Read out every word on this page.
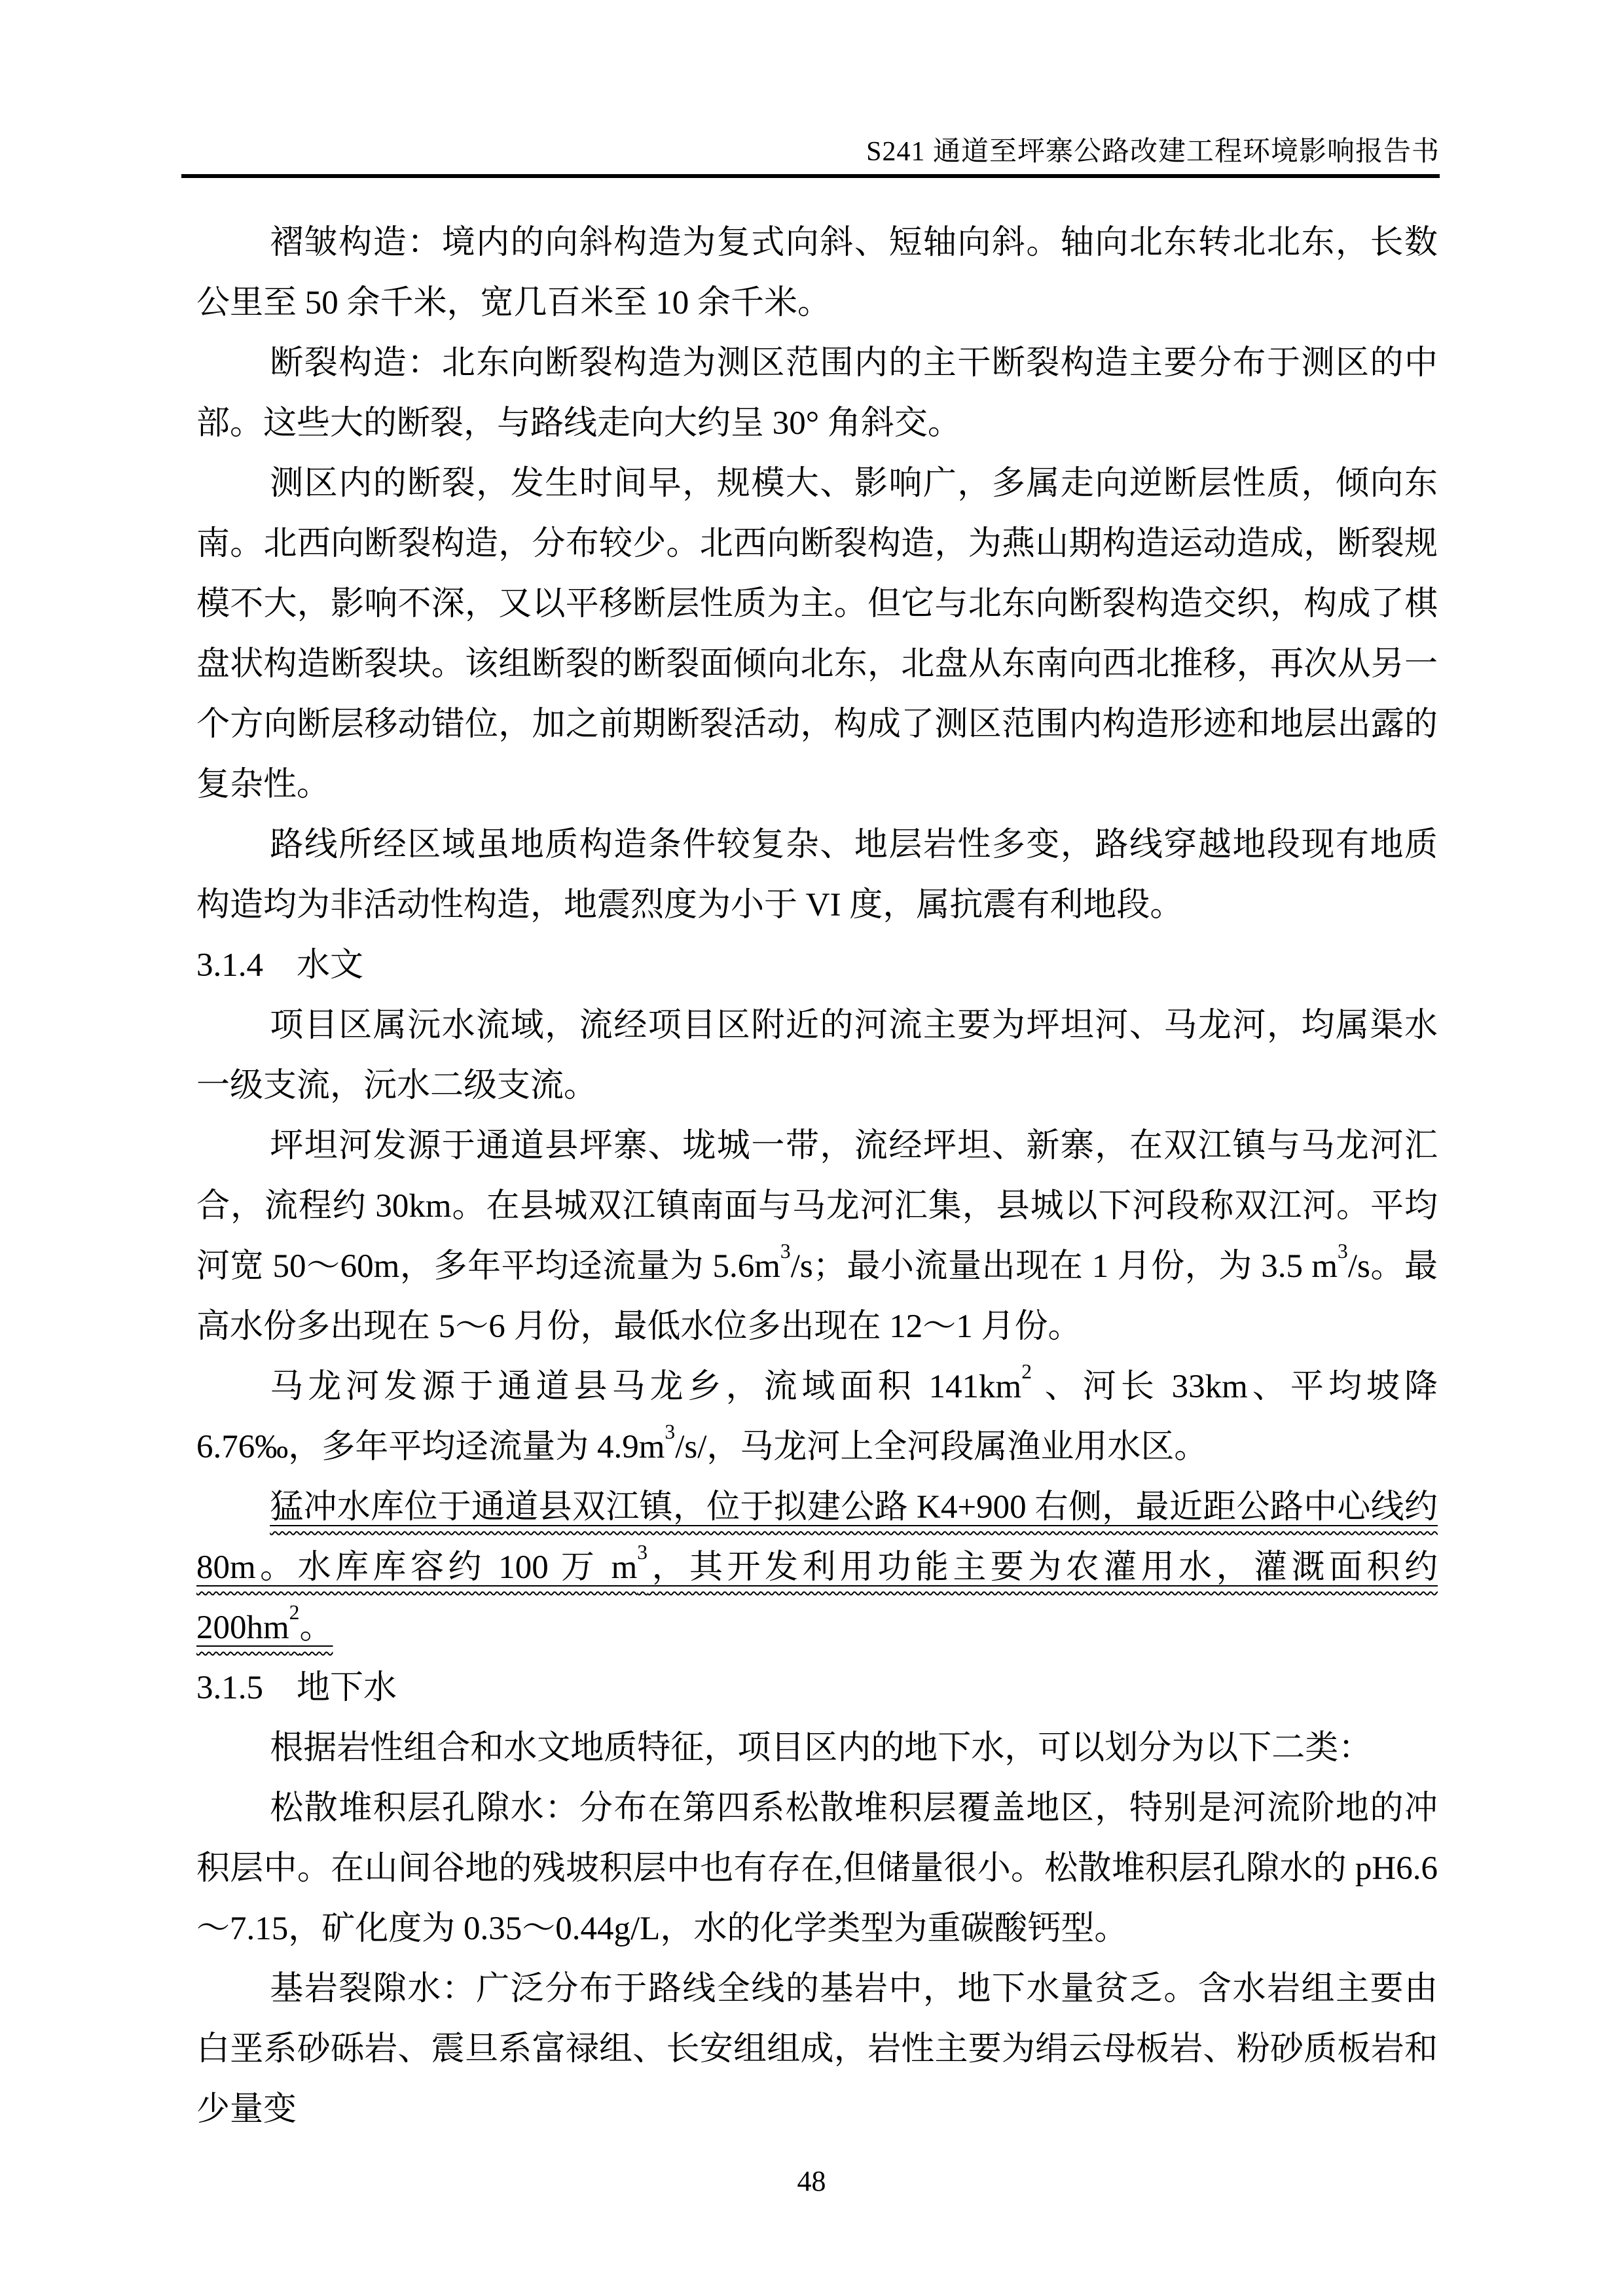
S241 通道至坪寨公路改建工程环境影响报告书

褶皱构造：境内的向斜构造为复式向斜、短轴向斜。轴向北东转北北东，长数公里至 50 余千米，宽几百米至 10 余千米。

断裂构造：北东向断裂构造为测区范围内的主干断裂构造主要分布于测区的中部。这些大的断裂，与路线走向大约呈 30° 角斜交。

测区内的断裂，发生时间早，规模大、影响广，多属走向逆断层性质，倾向东南。北西向断裂构造，分布较少。北西向断裂构造，为燕山期构造运动造成，断裂规模不大，影响不深，又以平移断层性质为主。但它与北东向断裂构造交织，构成了棋盘状构造断裂块。该组断裂的断裂面倾向北东，北盘从东南向西北推移，再次从另一个方向断层移动错位，加之前期断裂活动，构成了测区范围内构造形迹和地层出露的复杂性。

路线所经区域虽地质构造条件较复杂、地层岩性多变，路线穿越地段现有地质构造均为非活动性构造，地震烈度为小于 VI 度，属抗震有利地段。

3.1.4　水文

项目区属沅水流域，流经项目区附近的河流主要为坪坦河、马龙河，均属渠水一级支流，沅水二级支流。

坪坦河发源于通道县坪寨、垅城一带，流经坪坦、新寨，在双江镇与马龙河汇合，流程约 30km。在县城双江镇南面与马龙河汇集，县城以下河段称双江河。平均河宽 50～60m，多年平均迳流量为 $5.6m^3/s$；最小流量出现在 1 月份，为 3.5 $m^3/s$。最高水份多出现在 5～6 月份，最低水位多出现在 12～1 月份。

马龙河发源于通道县马龙乡，流域面积 $141km^2$ 、河长 33km、平均坡降 6.76‰，多年平均迳流量为 $4.9m^3/s/$，马龙河上全河段属渔业用水区。

猛冲水库位于通道县双江镇，位于拟建公路 K4+900 右侧，最近距公路中心线约 80m。水库库容约 100 万 $m^3$，其开发利用功能主要为农灌用水，灌溉面积约 $200hm^2$。

3.1.5　地下水

根据岩性组合和水文地质特征，项目区内的地下水，可以划分为以下二类：

松散堆积层孔隙水：分布在第四系松散堆积层覆盖地区，特别是河流阶地的冲积层中。在山间谷地的残坡积层中也有存在,但储量很小。松散堆积层孔隙水的 pH6.6～7.15，矿化度为 0.35～0.44g/L，水的化学类型为重碳酸钙型。

基岩裂隙水：广泛分布于路线全线的基岩中，地下水量贫乏。含水岩组主要由白垩系砂砾岩、震旦系富禄组、长安组组成，岩性主要为绢云母板岩、粉砂质板岩和少量变

48
